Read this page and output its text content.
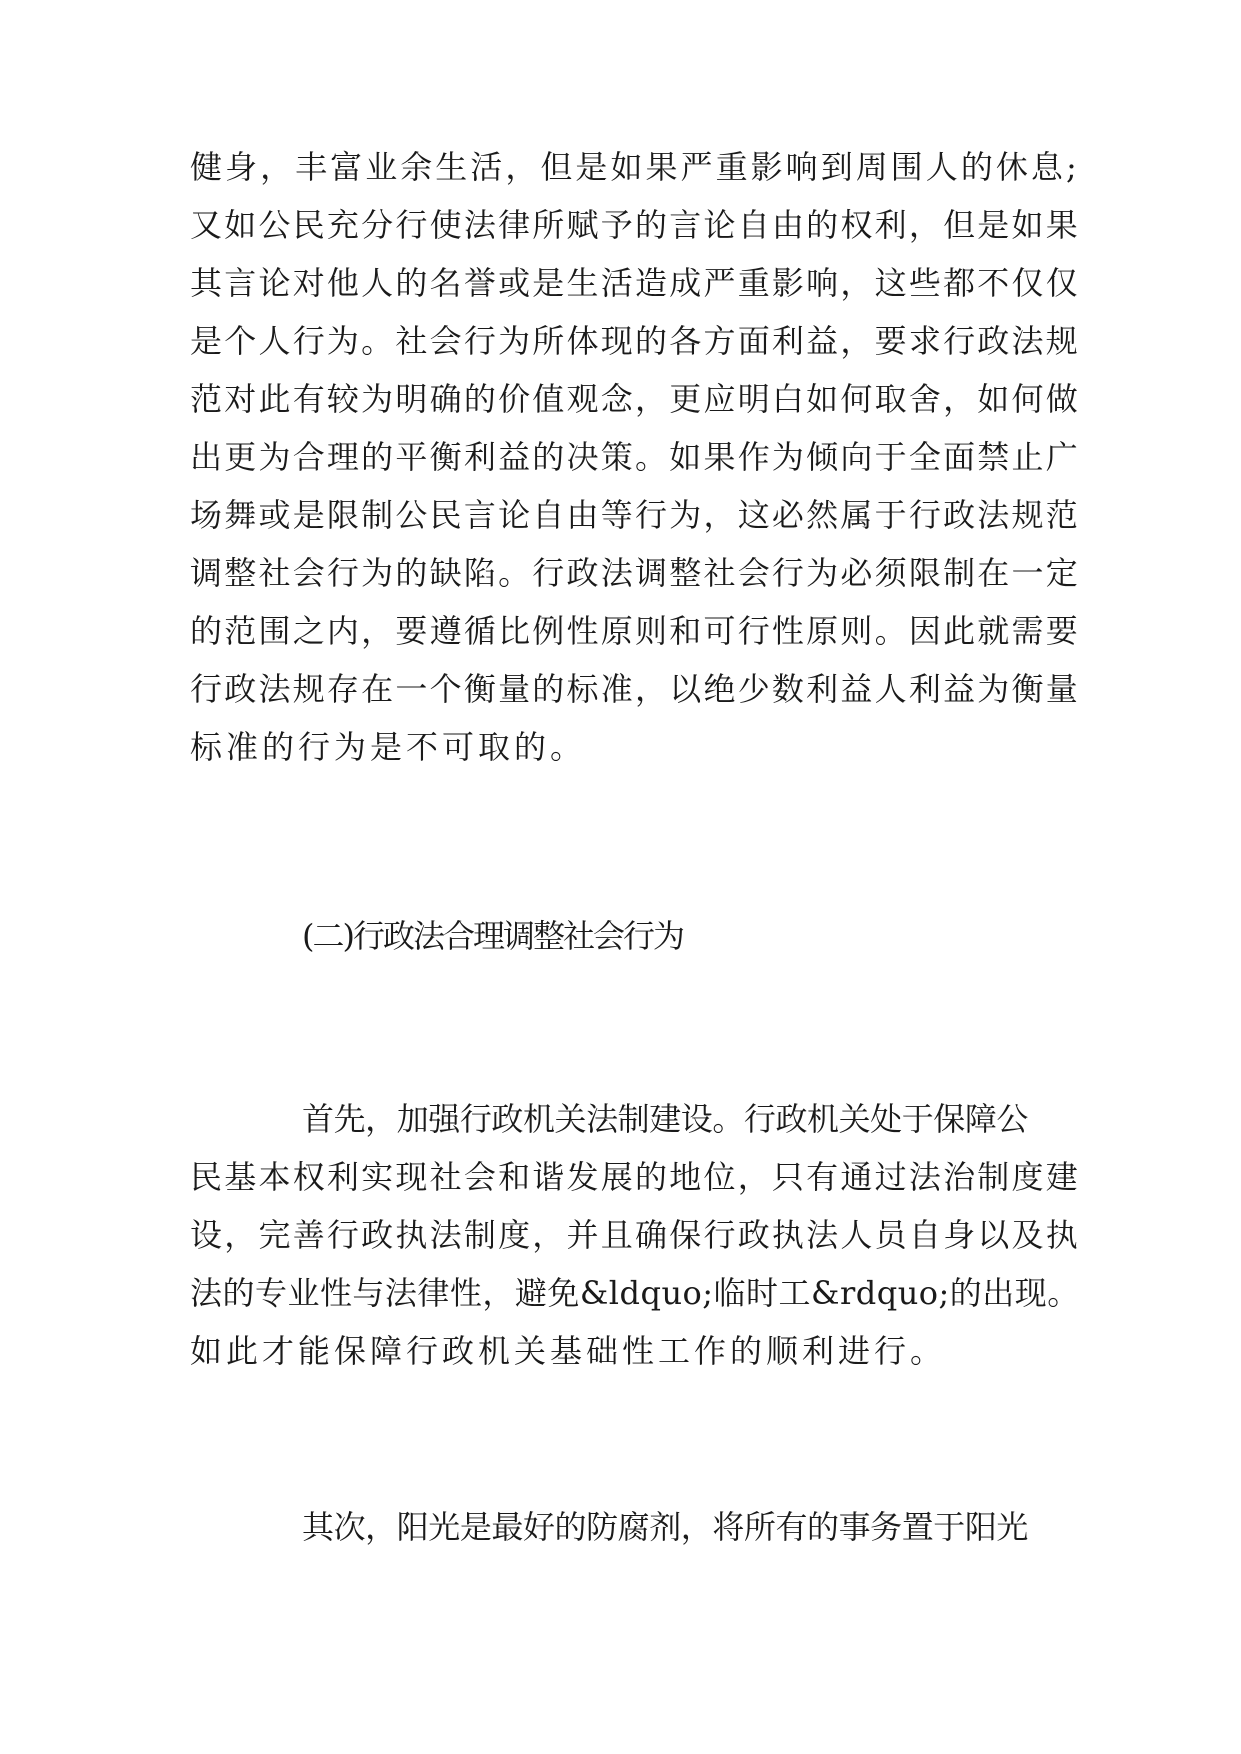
健身，丰富业余生活，但是如果严重影响到周围人的休息;
又如公民充分行使法律所赋予的言论自由的权利，但是如果
其言论对他人的名誉或是生活造成严重影响，这些都不仅仅
是个人行为。社会行为所体现的各方面利益，要求行政法规
范对此有较为明确的价值观念，更应明白如何取舍，如何做
出更为合理的平衡利益的决策。如果作为倾向于全面禁止广
场舞或是限制公民言论自由等行为，这必然属于行政法规范
调整社会行为的缺陷。行政法调整社会行为必须限制在一定
的范围之内，要遵循比例性原则和可行性原则。因此就需要
行政法规存在一个衡量的标准，以绝少数利益人利益为衡量
标准的行为是不可取的。
(二)行政法合理调整社会行为
首先，加强行政机关法制建设。行政机关处于保障公
民基本权利实现社会和谐发展的地位，只有通过法治制度建
设，完善行政执法制度，并且确保行政执法人员自身以及执
法的专业性与法律性，避免&ldquo;临时工&rdquo;的出现。
如此才能保障行政机关基础性工作的顺利进行。
其次，阳光是最好的防腐剂，将所有的事务置于阳光
